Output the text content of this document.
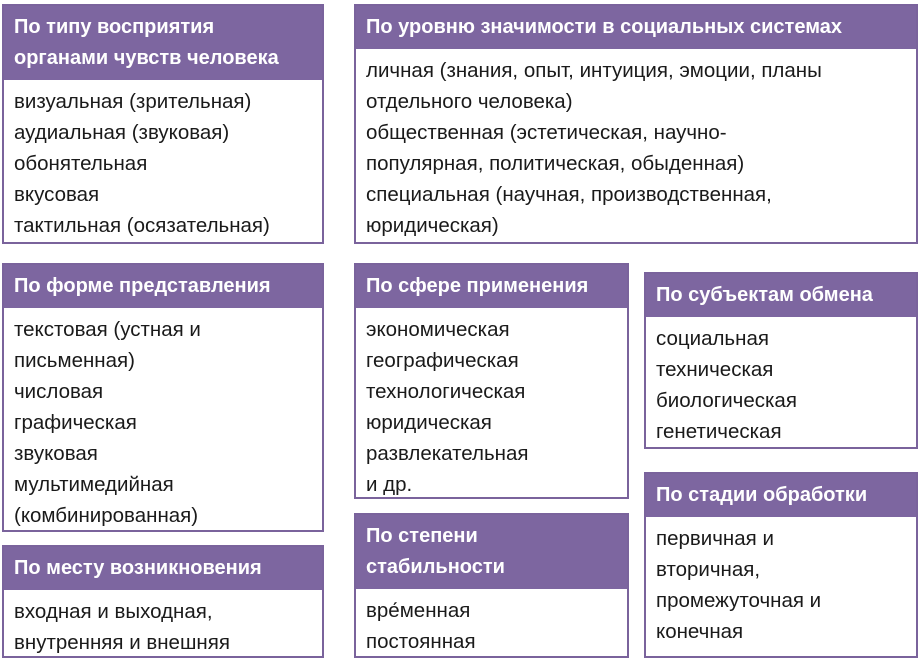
По типу восприятия
органами чувств человека
визуальная (зрительная)
аудиальная (звуковая)
обонятельная
вкусовая
тактильная (осязательная)
По уровню значимости в социальных системах
личная (знания, опыт, интуиция, эмоции, планы
отдельного человека)
общественная (эстетическая, научно-
популярная, политическая, обыденная)
специальная (научная, производственная,
юридическая)
По форме представления
текстовая (устная и
письменная)
числовая
графическая
звуковая
мультимедийная
(комбинированная)
По сфере применения
экономическая
географическая
технологическая
юридическая
развлекательная
и др.
По субъектам обмена
социальная
техническая
биологическая
генетическая
По месту возникновения
входная и выходная,
внутренняя и внешняя
По степени
стабильности
вре́менная
постоянная
По стадии обработки
первичная и
вторичная,
промежуточная и
конечная
